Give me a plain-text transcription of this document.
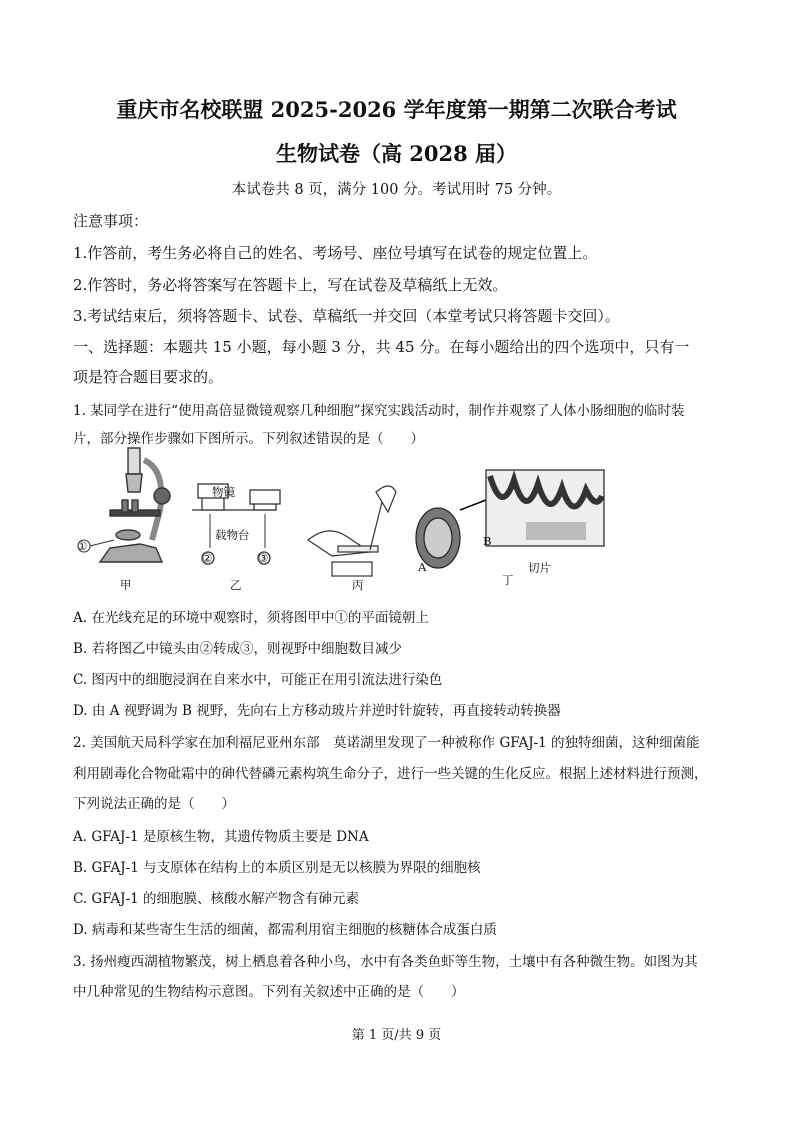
重庆市名校联盟 2025-2026 学年度第一期第二次联合考试
生物试卷（高 2028 届）
本试卷共 8 页，满分 100 分。考试用时 75 分钟。
注意事项：
1.作答前，考生务必将自己的姓名、考场号、座位号填写在试卷的规定位置上。
2.作答时，务必将答案写在答题卡上，写在试卷及草稿纸上无效。
3.考试结束后，须将答题卡、试卷、草稿纸一并交回（本堂考试只将答题卡交回）。
一、选择题：本题共 15 小题，每小题 3 分，共 45 分。在每小题给出的四个选项中，只有一
项是符合题目要求的。
1. 某同学在进行“使用高倍显微镜观察几种细胞”探究实践活动时，制作并观察了人体小肠细胞的临时装
片，部分操作步骤如下图所示。下列叙述错误的是（　　）
物镜
载物台
①
②	③
A
B
甲	乙	丙	丁
切片
A. 在光线充足的环境中观察时，须将图甲中①的平面镜朝上
B. 若将图乙中镜头由②转成③，则视野中细胞数目减少
C. 图丙中的细胞浸润在自来水中，可能正在用引流法进行染色
D. 由 A 视野调为 B 视野，先向右上方移动玻片并逆时针旋转，再直接转动转换器
2. 美国航天局科学家在加利福尼亚州东部　莫诺湖里发现了一种被称作 GFAJ-1 的独特细菌，这种细菌能
利用剧毒化合物砒霜中的砷代替磷元素构筑生命分子，进行一些关键的生化反应。根据上述材料进行预测，
下列说法正确的是（　　）
A. GFAJ-1 是原核生物，其遗传物质主要是 DNA
B. GFAJ-1 与支原体在结构上的本质区别是无以核膜为界限的细胞核
C. GFAJ-1 的细胞膜、核酸水解产物含有砷元素
D. 病毒和某些寄生生活的细菌，都需利用宿主细胞的核糖体合成蛋白质
3. 扬州瘦西湖植物繁茂，树上栖息着各种小鸟，水中有各类鱼虾等生物，土壤中有各种微生物。如图为其
中几种常见的生物结构示意图。下列有关叙述中正确的是（　　）
第 1 页/共 9 页
